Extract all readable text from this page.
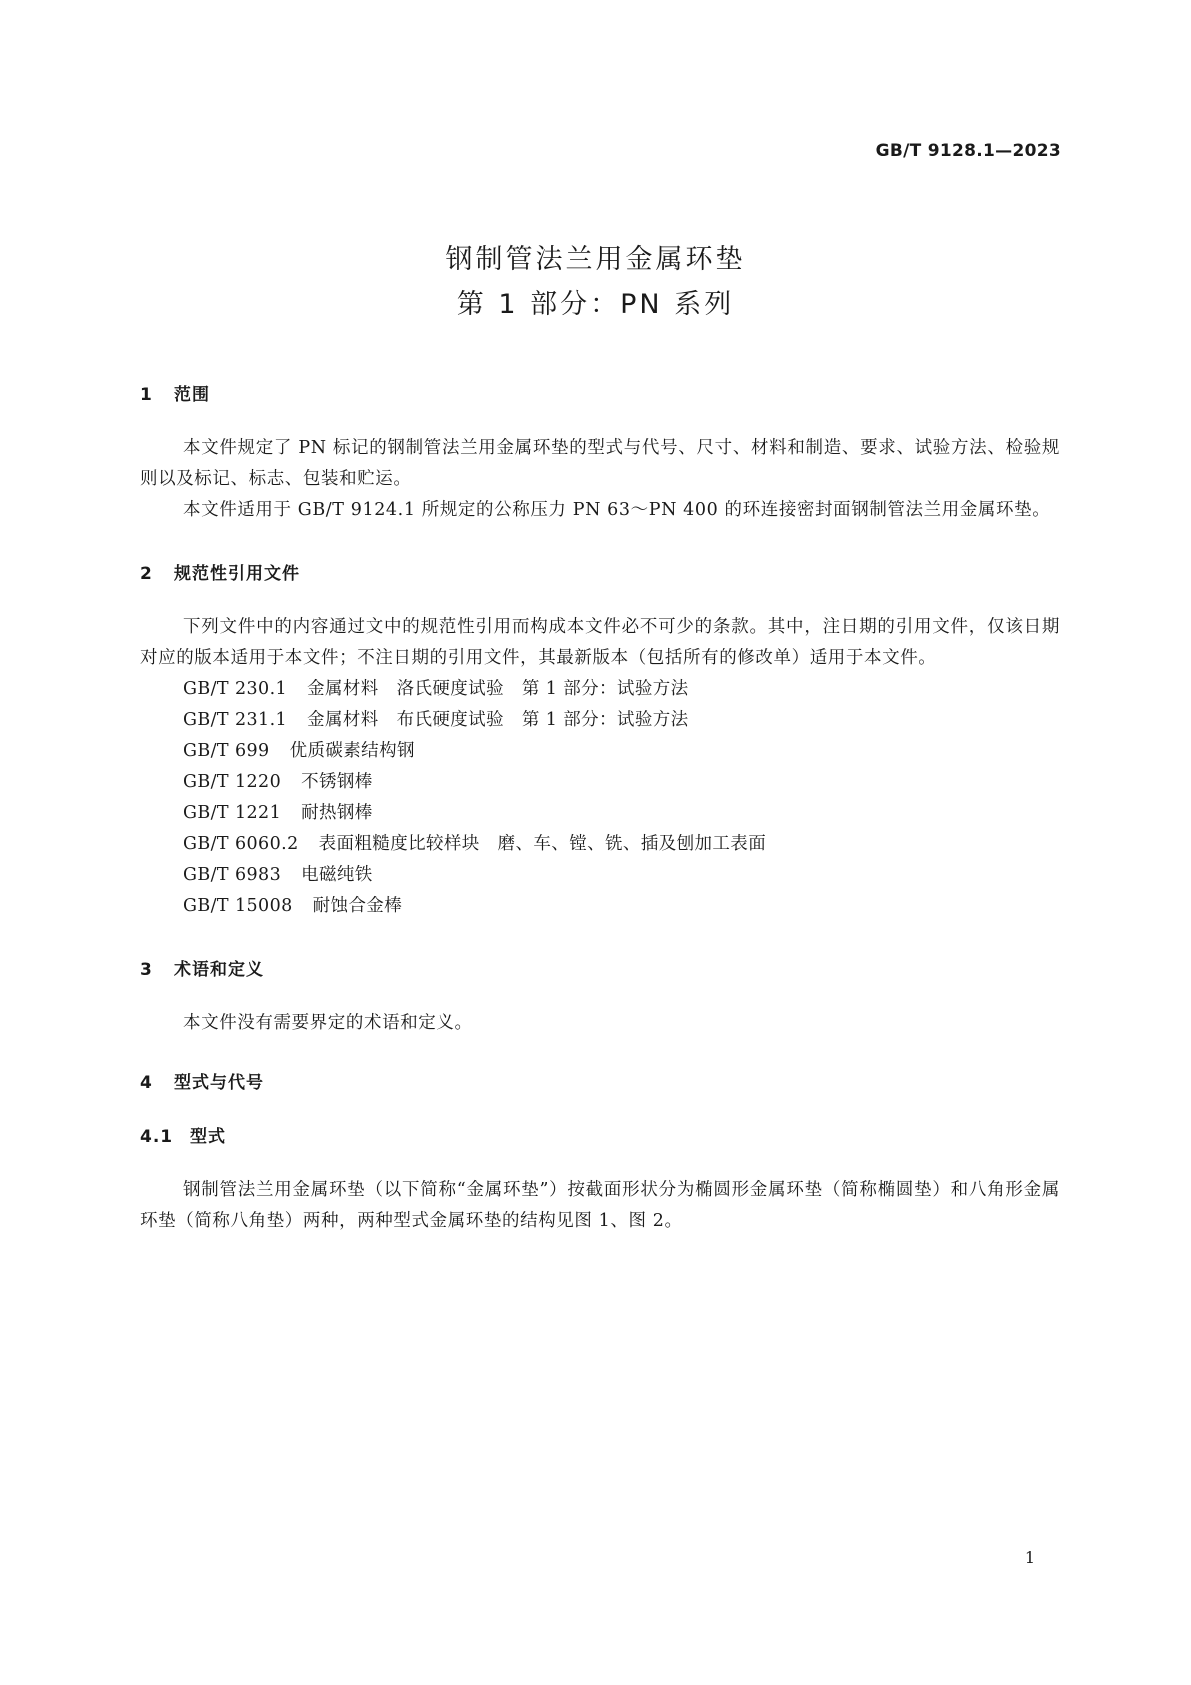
GB/T 9128.1—2023
钢制管法兰用金属环垫
第 1 部分：PN 系列
1 范围

本文件规定了 PN 标记的钢制管法兰用金属环垫的型式与代号、尺寸、材料和制造、要求、试验方法、检验规则以及标记、标志、包装和贮运。

本文件适用于 GB/T 9124.1 所规定的公称压力 PN 63～PN 400 的环连接密封面钢制管法兰用金属环垫。

2 规范性引用文件

下列文件中的内容通过文中的规范性引用而构成本文件必不可少的条款。其中，注日期的引用文件，仅该日期对应的版本适用于本文件；不注日期的引用文件，其最新版本（包括所有的修改单）适用于本文件。

GB/T 230.1 金属材料　洛氏硬度试验　第 1 部分：试验方法
GB/T 231.1 金属材料　布氏硬度试验　第 1 部分：试验方法
GB/T 699 优质碳素结构钢
GB/T 1220 不锈钢棒
GB/T 1221 耐热钢棒
GB/T 6060.2 表面粗糙度比较样块　磨、车、镗、铣、插及刨加工表面
GB/T 6983 电磁纯铁
GB/T 15008 耐蚀合金棒
3 术语和定义

本文件没有需要界定的术语和定义。

4 型式与代号
4.1 型式

钢制管法兰用金属环垫（以下简称“金属环垫”）按截面形状分为椭圆形金属环垫（简称椭圆垫）和八角形金属环垫（简称八角垫）两种，两种型式金属环垫的结构见图 1、图 2。

1
